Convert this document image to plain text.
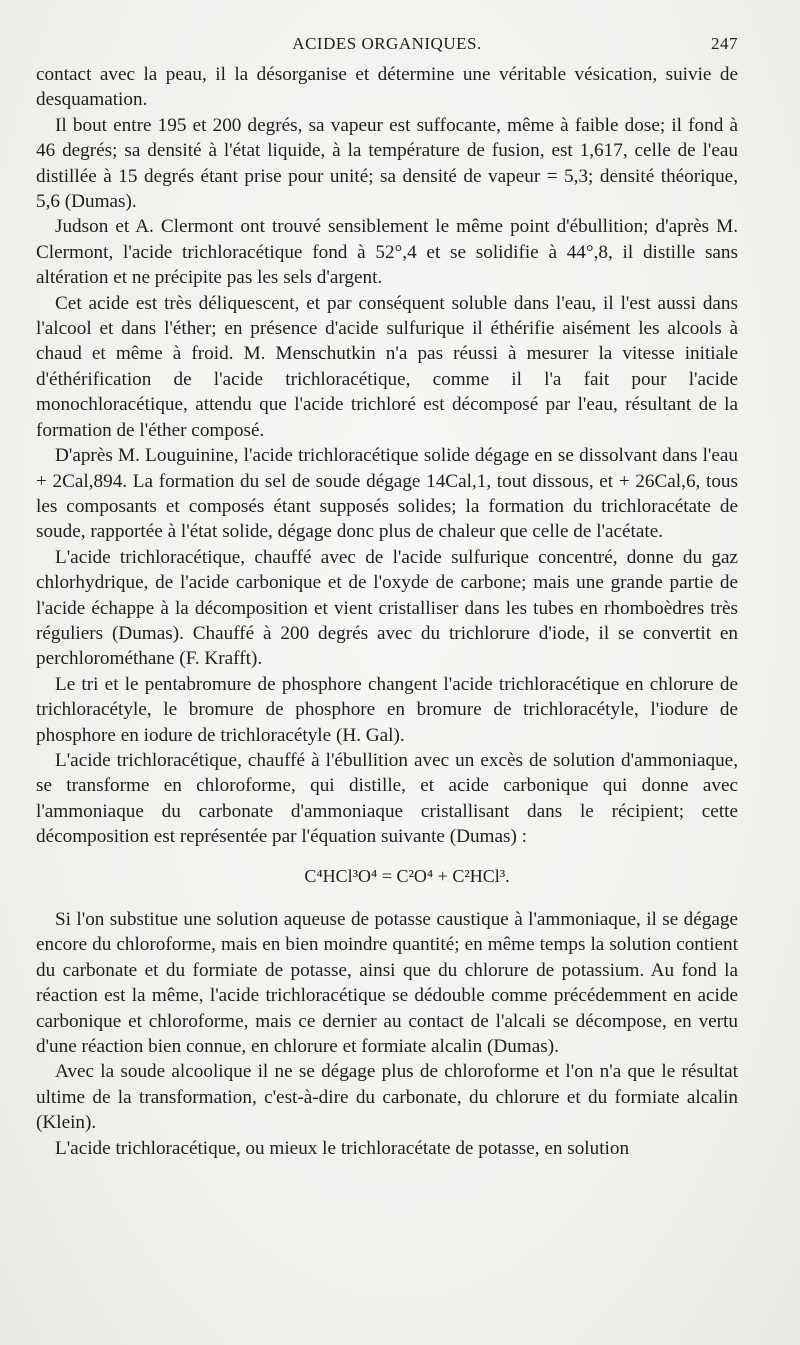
ACIDES ORGANIQUES.	247

contact avec la peau, il la désorganise et détermine une véritable vésication, suivie de desquamation.

Il bout entre 195 et 200 degrés, sa vapeur est suffocante, même à faible dose; il fond à 46 degrés; sa densité à l'état liquide, à la température de fusion, est 1,617, celle de l'eau distillée à 15 degrés étant prise pour unité; sa densité de vapeur = 5,3; densité théorique, 5,6 (Dumas).

Judson et A. Clermont ont trouvé sensiblement le même point d'ébullition; d'après M. Clermont, l'acide trichloracétique fond à 52°,4 et se solidifie à 44°,8, il distille sans altération et ne précipite pas les sels d'argent.

Cet acide est très déliquescent, et par conséquent soluble dans l'eau, il l'est aussi dans l'alcool et dans l'éther; en présence d'acide sulfurique il éthérifie aisément les alcools à chaud et même à froid. M. Menschutkin n'a pas réussi à mesurer la vitesse initiale d'éthérification de l'acide trichloracétique, comme il l'a fait pour l'acide monochloracétique, attendu que l'acide trichloré est décomposé par l'eau, résultant de la formation de l'éther composé.

D'après M. Louguinine, l'acide trichloracétique solide dégage en se dissolvant dans l'eau + 2Cal,894. La formation du sel de soude dégage 14Cal,1, tout dissous, et + 26Cal,6, tous les composants et composés étant supposés solides; la formation du trichloracétate de soude, rapportée à l'état solide, dégage donc plus de chaleur que celle de l'acétate.

L'acide trichloracétique, chauffé avec de l'acide sulfurique concentré, donne du gaz chlorhydrique, de l'acide carbonique et de l'oxyde de carbone; mais une grande partie de l'acide échappe à la décomposition et vient cristalliser dans les tubes en rhomboèdres très réguliers (Dumas). Chauffé à 200 degrés avec du trichlorure d'iode, il se convertit en perchlorométhane (F. Krafft).

Le tri et le pentabromure de phosphore changent l'acide trichloracétique en chlorure de trichloracétyle, le bromure de phosphore en bromure de trichloracétyle, l'iodure de phosphore en iodure de trichloracétyle (H. Gal).

L'acide trichloracétique, chauffé à l'ébullition avec un excès de solution d'ammoniaque, se transforme en chloroforme, qui distille, et acide carbonique qui donne avec l'ammoniaque du carbonate d'ammoniaque cristallisant dans le récipient; cette décomposition est représentée par l'équation suivante (Dumas) :

C⁴HCl³O⁴ = C²O⁴ + C²HCl³.

Si l'on substitue une solution aqueuse de potasse caustique à l'ammoniaque, il se dégage encore du chloroforme, mais en bien moindre quantité; en même temps la solution contient du carbonate et du formiate de potasse, ainsi que du chlorure de potassium. Au fond la réaction est la même, l'acide trichloracétique se dédouble comme précédemment en acide carbonique et chloroforme, mais ce dernier au contact de l'alcali se décompose, en vertu d'une réaction bien connue, en chlorure et formiate alcalin (Dumas).

Avec la soude alcoolique il ne se dégage plus de chloroforme et l'on n'a que le résultat ultime de la transformation, c'est-à-dire du carbonate, du chlorure et du formiate alcalin (Klein).

L'acide trichloracétique, ou mieux le trichloracétate de potasse, en solution
